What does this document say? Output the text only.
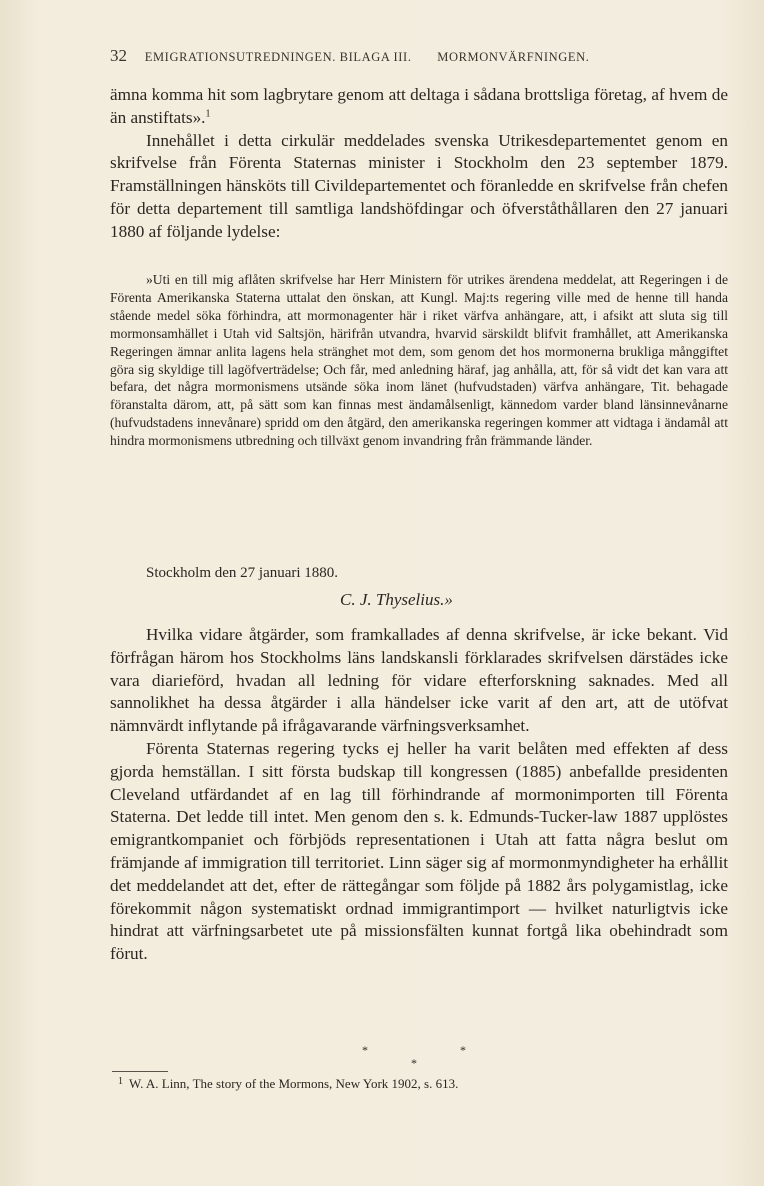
32 EMIGRATIONSUTREDNINGEN. BILAGA III. MORMONVÄRFNINGEN.

ämna komma hit som lagbrytare genom att deltaga i sådana brottsliga företag, af hvem de än anstiftats».$^1$

Innehållet i detta cirkulär meddelades svenska Utrikesdepartementet genom en skrifvelse från Förenta Staternas minister i Stockholm den 23 september 1879. Framställningen hänsköts till Civildepartementet och föranledde en skrifvelse från chefen för detta departement till samtliga landshöfdingar och öfverståthållaren den 27 januari 1880 af följande lydelse:

»Uti en till mig aflåten skrifvelse har Herr Ministern för utrikes ärendena meddelat, att Regeringen i de Förenta Amerikanska Staterna uttalat den önskan, att Kungl. Maj:ts regering ville med de henne till handa stående medel söka förhindra, att mormonagenter här i riket värfva anhängare, att, i afsikt att sluta sig till mormonsamhället i Utah vid Saltsjön, härifrån utvandra, hvarvid särskildt blifvit framhållet, att Amerikanska Regeringen ämnar anlita lagens hela stränghet mot dem, som genom det hos mormonerna brukliga månggiftet göra sig skyldige till lagöfverträdelse; Och får, med anledning häraf, jag anhålla, att, för så vidt det kan vara att befara, det några mormonismens utsände söka inom länet (hufvudstaden) värfva anhängare, Tit. behagade föranstalta därom, att, på sätt som kan finnas mest ändamålsenligt, kännedom varder bland länsinnevånarne (hufvudstadens innevånare) spridd om den åtgärd, den amerikanska regeringen kommer att vidtaga i ändamål att hindra mormonismens utbredning och tillväxt genom invandring från främmande länder.

Stockholm den 27 januari 1880.
C. J. Thyselius.»

Hvilka vidare åtgärder, som framkallades af denna skrifvelse, är icke bekant. Vid förfrågan härom hos Stockholms läns landskansli förklarades skrifvelsen därstädes icke vara diarieförd, hvadan all ledning för vidare efterforskning saknades. Med all sannolikhet ha dessa åtgärder i alla händelser icke varit af den art, att de utöfvat nämnvärdt inflytande på ifrågavarande värfningsverksamhet.

Förenta Staternas regering tycks ej heller ha varit belåten med effekten af dess gjorda hemställan. I sitt första budskap till kongressen (1885) anbefallde presidenten Cleveland utfärdandet af en lag till förhindrande af mormonimporten till Förenta Staterna. Det ledde till intet. Men genom den s. k. Edmunds-Tucker-law 1887 upplöstes emigrantkompaniet och förbjöds representationen i Utah att fatta några beslut om främjande af immigration till territoriet. Linn säger sig af mormonmyndigheter ha erhållit det meddelandet att det, efter de rättegångar som följde på 1882 års polygamistlag, icke förekommit någon systematiskt ordnad immigrantimport — hvilket naturligtvis icke hindrat att värfningsarbetet ute på missionsfälten kunnat fortgå lika obehindradt som förut.

*	*
*
$^1$ W. A. Linn, The story of the Mormons, New York 1902, s. 613.
